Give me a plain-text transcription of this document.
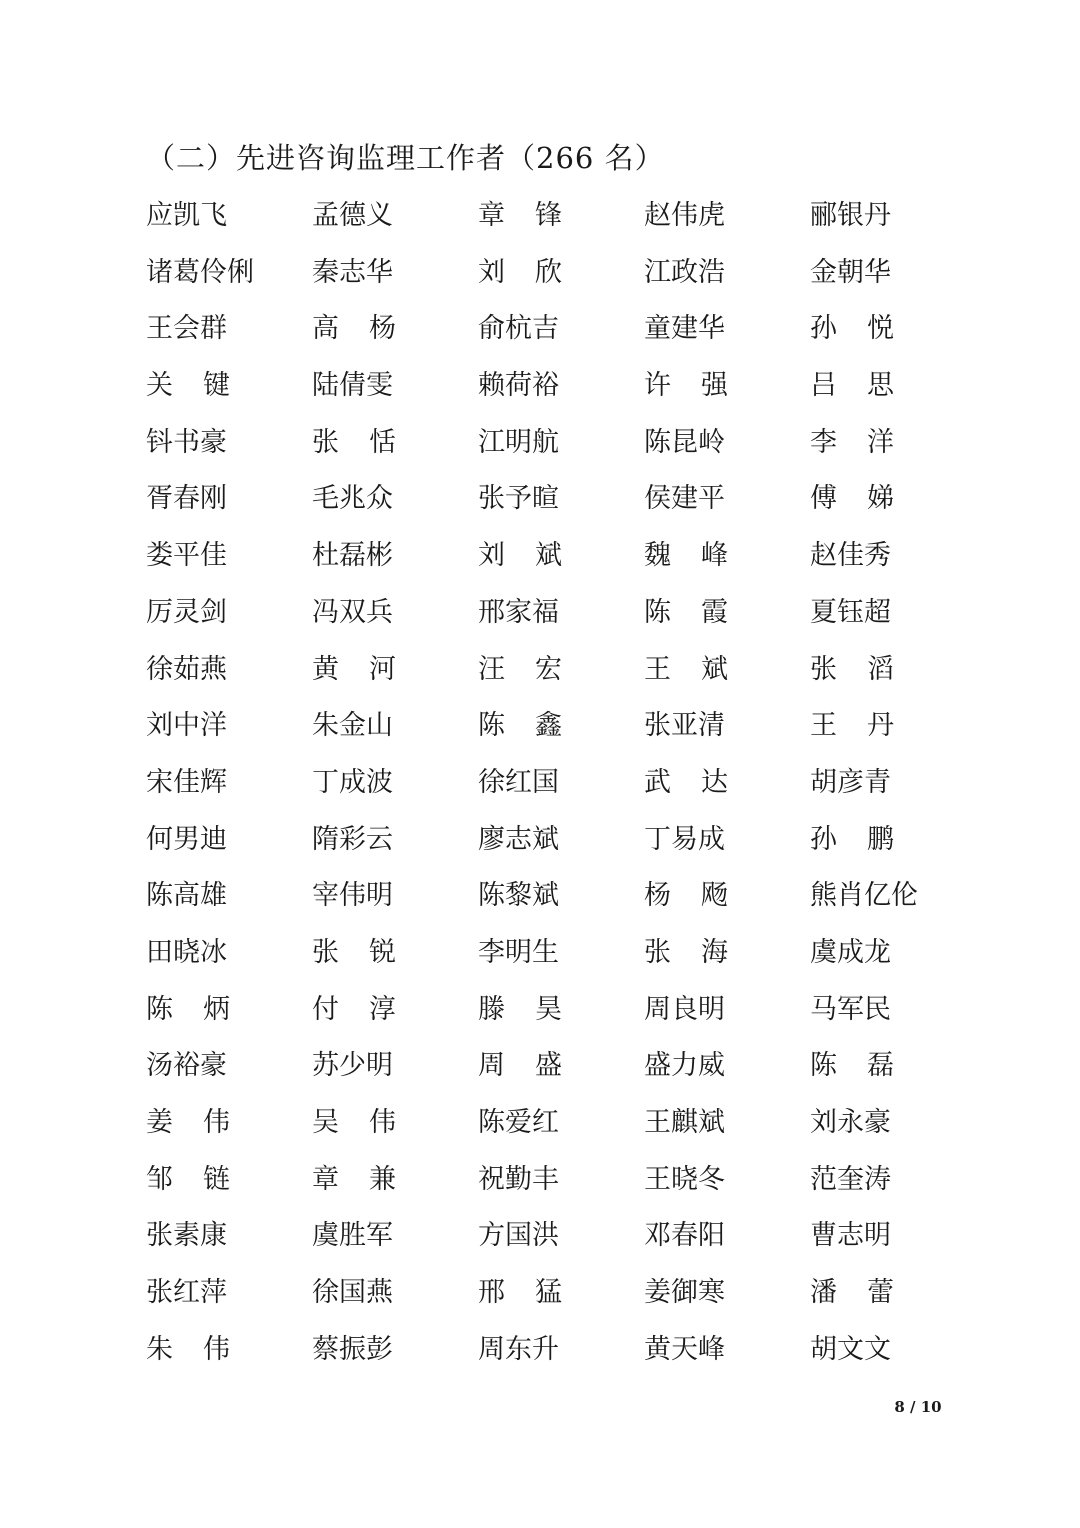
（二）先进咨询监理工作者（266 名）
应凯飞	孟德义	章 锋	赵伟虎	郦银丹
诸葛伶俐	秦志华	刘 欣	江政浩	金朝华
王会群	高 杨	俞杭吉	童建华	孙 悦
关 键	陆倩雯	赖荷裕	许 强	吕 思
钭书豪	张 恬	江明航	陈昆岭	李 洋
胥春刚	毛兆众	张予暄	侯建平	傅 娣
娄平佳	杜磊彬	刘 斌	魏 峰	赵佳秀
厉灵剑	冯双兵	邢家福	陈 霞	夏钰超
徐茹燕	黄 河	汪 宏	王 斌	张 滔
刘中洋	朱金山	陈 鑫	张亚清	王 丹
宋佳辉	丁成波	徐红国	武 达	胡彦青
何男迪	隋彩云	廖志斌	丁易成	孙 鹏
陈高雄	宰伟明	陈黎斌	杨 飏	熊肖亿伦
田晓冰	张 锐	李明生	张 海	虞成龙
陈 炳	付 淳	滕 昊	周良明	马军民
汤裕豪	苏少明	周 盛	盛力威	陈 磊
姜 伟	吴 伟	陈爱红	王麒斌	刘永豪
邹 链	章 兼	祝勤丰	王晓冬	范奎涛
张素康	虞胜军	方国洪	邓春阳	曹志明
张红萍	徐国燕	邢 猛	姜御寒	潘 蕾
朱 伟	蔡振彭	周东升	黄天峰	胡文文
8 / 10
